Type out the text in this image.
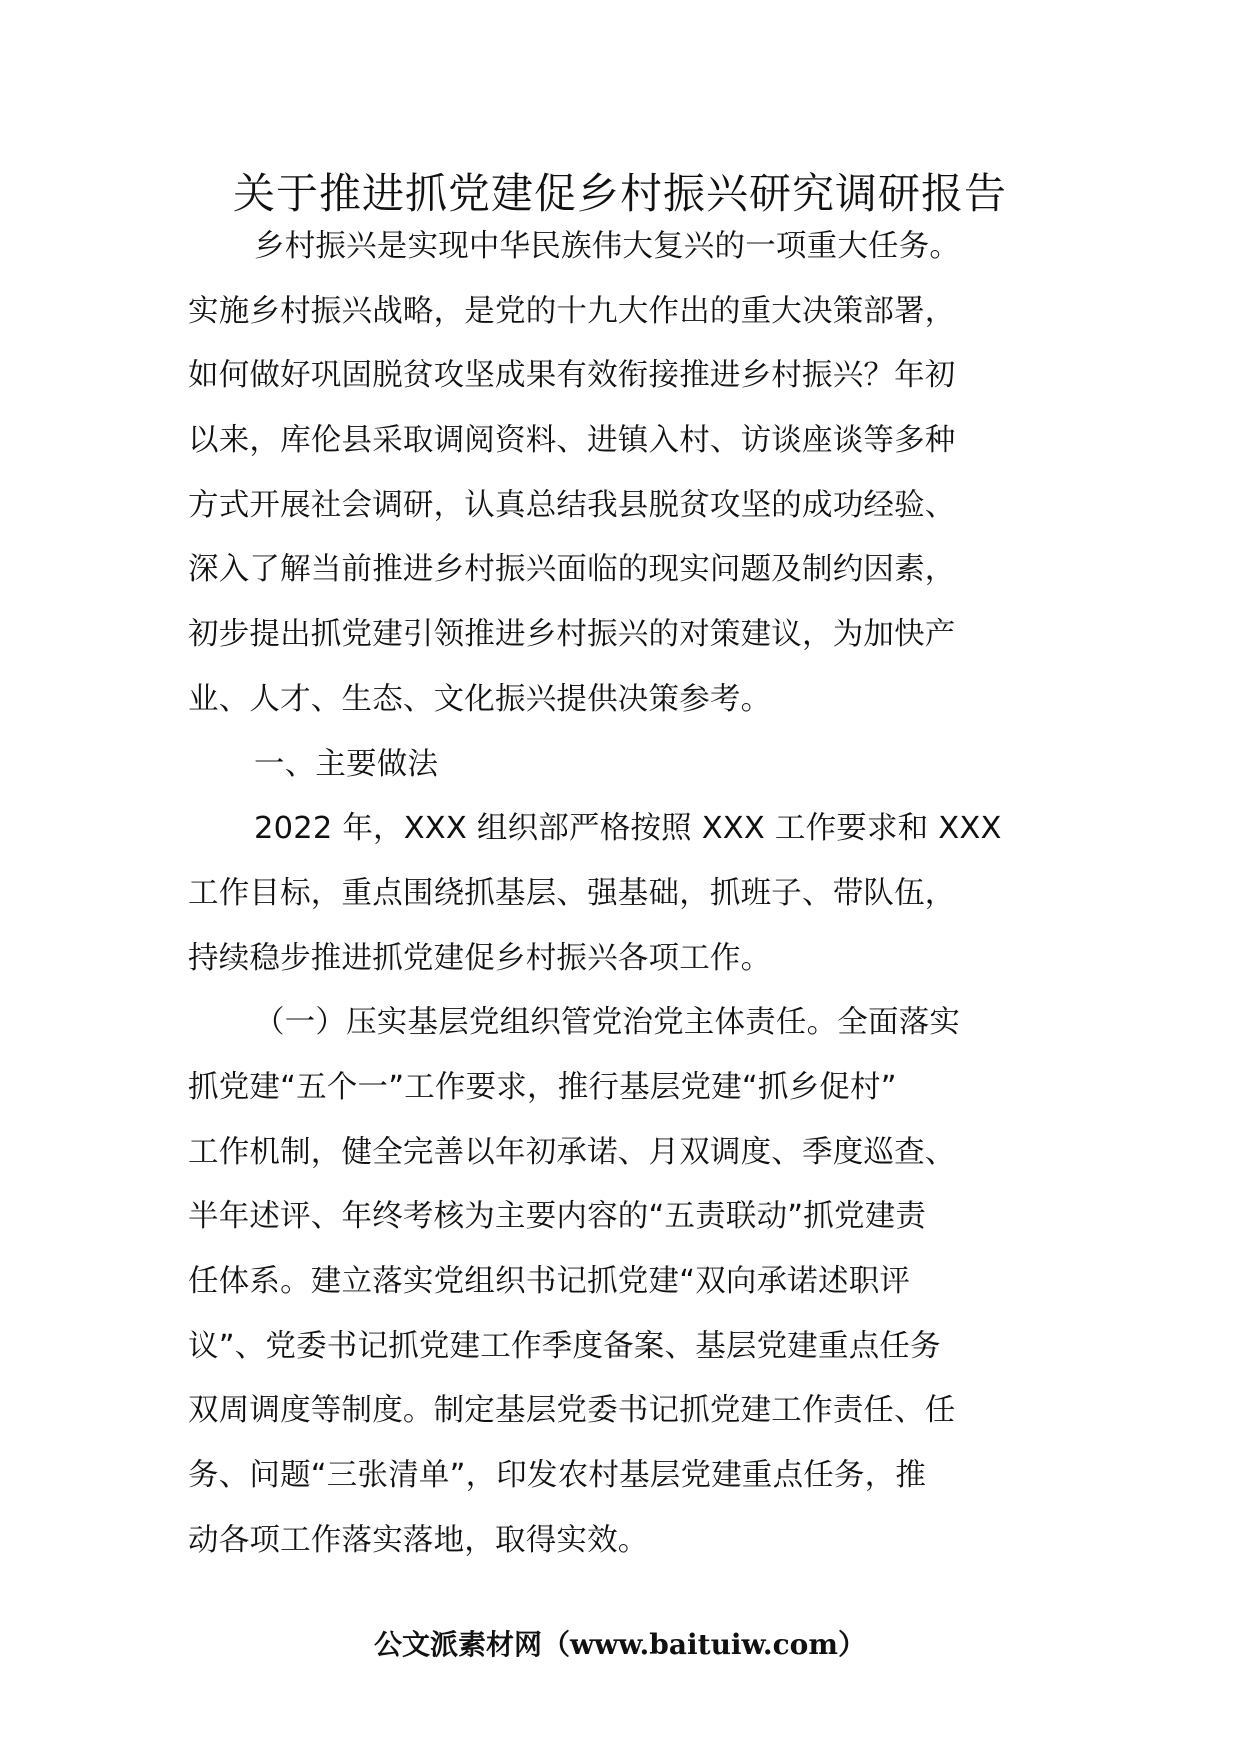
关于推进抓党建促乡村振兴研究调研报告
乡村振兴是实现中华民族伟大复兴的一项重大任务。
实施乡村振兴战略，是党的十九大作出的重大决策部署，
如何做好巩固脱贫攻坚成果有效衔接推进乡村振兴？年初
以来，库伦县采取调阅资料、进镇入村、访谈座谈等多种
方式开展社会调研，认真总结我县脱贫攻坚的成功经验、
深入了解当前推进乡村振兴面临的现实问题及制约因素，
初步提出抓党建引领推进乡村振兴的对策建议，为加快产
业、人才、生态、文化振兴提供决策参考。
一、主要做法
2022 年，XXX 组织部严格按照 XXX 工作要求和 XXX
工作目标，重点围绕抓基层、强基础，抓班子、带队伍，
持续稳步推进抓党建促乡村振兴各项工作。
（一）压实基层党组织管党治党主体责任。全面落实
抓党建“五个一”工作要求，推行基层党建“抓乡促村”
工作机制，健全完善以年初承诺、月双调度、季度巡查、
半年述评、年终考核为主要内容的“五责联动”抓党建责
任体系。建立落实党组织书记抓党建“双向承诺述职评
议”、党委书记抓党建工作季度备案、基层党建重点任务
双周调度等制度。制定基层党委书记抓党建工作责任、任
务、问题“三张清单”，印发农村基层党建重点任务，推
动各项工作落实落地，取得实效。
公文派素材网（www.baituiw.com）
